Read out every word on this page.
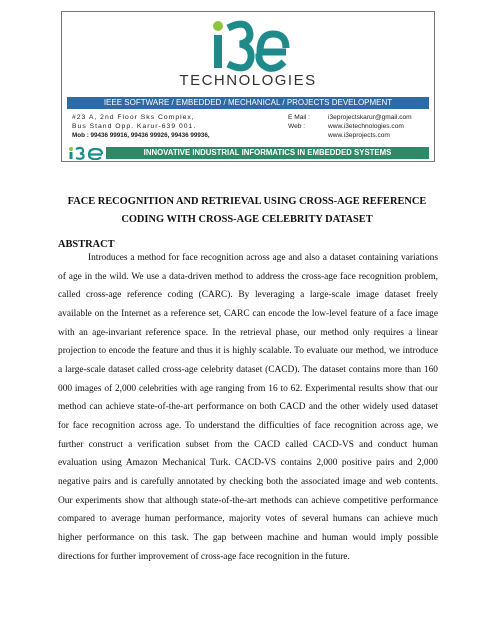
TECHNOLOGIES
IEEE SOFTWARE / EMBEDDED / MECHANICAL / PROJECTS DEVELOPMENT
#23 A, 2nd Floor Sks Complex,
Bus Stand Opp. Karur-639 001.
Mob : 99436 99916, 99436 99926, 99436 99936,
E Mail :	i3eprojectskarur@gmail.com
Web :	www.i3etechnologies.com
www.i3eprojects.com
INNOVATIVE INDUSTRIAL INFORMATICS IN EMBEDDED SYSTEMS
FACE RECOGNITION AND RETRIEVAL USING CROSS-AGE REFERENCE
CODING WITH CROSS-AGE CELEBRITY DATASET
ABSTRACT

Introduces a method for face recognition across age and also a dataset containing variations of age in the wild. We use a data-driven method to address the cross-age face recognition problem, called cross-age reference coding (CARC). By leveraging a large-scale image dataset freely available on the Internet as a reference set, CARC can encode the low-level feature of a face image with an age-invariant reference space. In the retrieval phase, our method only requires a linear projection to encode the feature and thus it is highly scalable. To evaluate our method, we introduce a large-scale dataset called cross-age celebrity dataset (CACD). The dataset contains more than 160 000 images of 2,000 celebrities with age ranging from 16 to 62. Experimental results show that our method can achieve state-of-the-art performance on both CACD and the other widely used dataset for face recognition across age. To understand the difficulties of face recognition across age, we further construct a verification subset from the CACD called CACD-VS and conduct human evaluation using Amazon Mechanical Turk. CACD-VS contains 2,000 positive pairs and 2,000 negative pairs and is carefully annotated by checking both the associated image and web contents. Our experiments show that although state-of-the-art methods can achieve competitive performance compared to average human performance, majority votes of several humans can achieve much higher performance on this task. The gap between machine and human would imply possible directions for further improvement of cross-age face recognition in the future.
